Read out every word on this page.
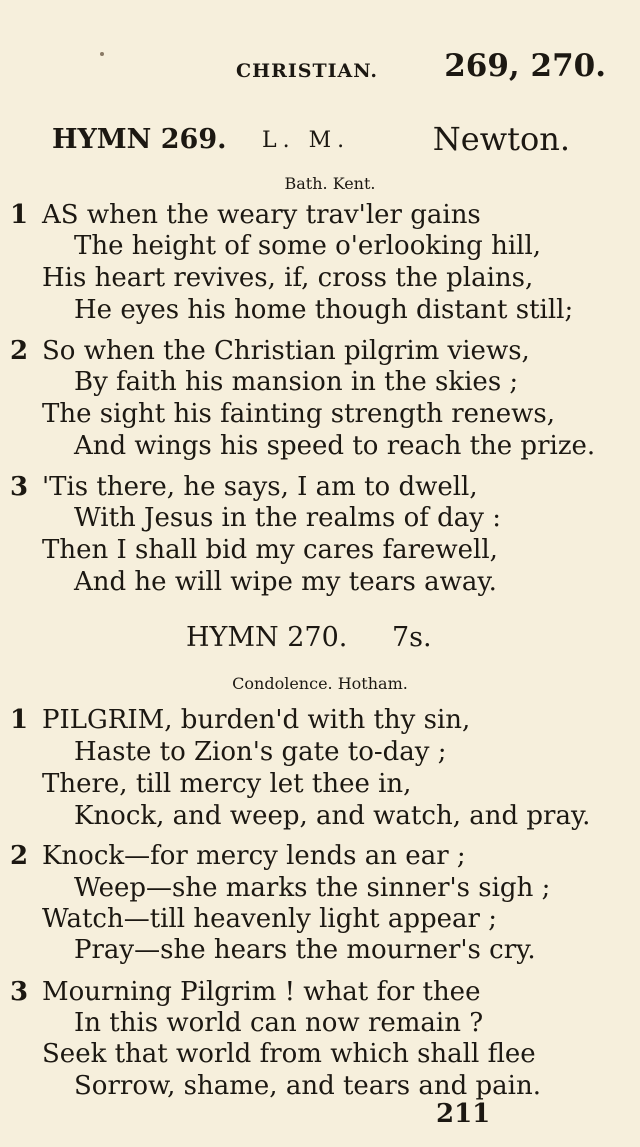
CHRISTIAN. 269, 270.
HYMN 269. L. M.	Newton.
Bath. Kent.
1 AS when the weary trav'ler gains
The height of some o'erlooking hill,
His heart revives, if, cross the plains,
He eyes his home though distant still;
2 So when the Christian pilgrim views,
By faith his mansion in the skies ;
The sight his fainting strength renews,
And wings his speed to reach the prize.
3 'Tis there, he says, I am to dwell,
With Jesus in the realms of day :
Then I shall bid my cares farewell,
And he will wipe my tears away.
HYMN 270. 7s.
Condolence. Hotham.
1 PILGRIM, burden'd with thy sin,
Haste to Zion's gate to-day ;
There, till mercy let thee in,
Knock, and weep, and watch, and pray.
2 Knock—for mercy lends an ear ;
Weep—she marks the sinner's sigh ;
Watch—till heavenly light appear ;
Pray—she hears the mourner's cry.
3 Mourning Pilgrim ! what for thee
In this world can now remain ?
Seek that world from which shall flee
Sorrow, shame, and tears and pain.
211
